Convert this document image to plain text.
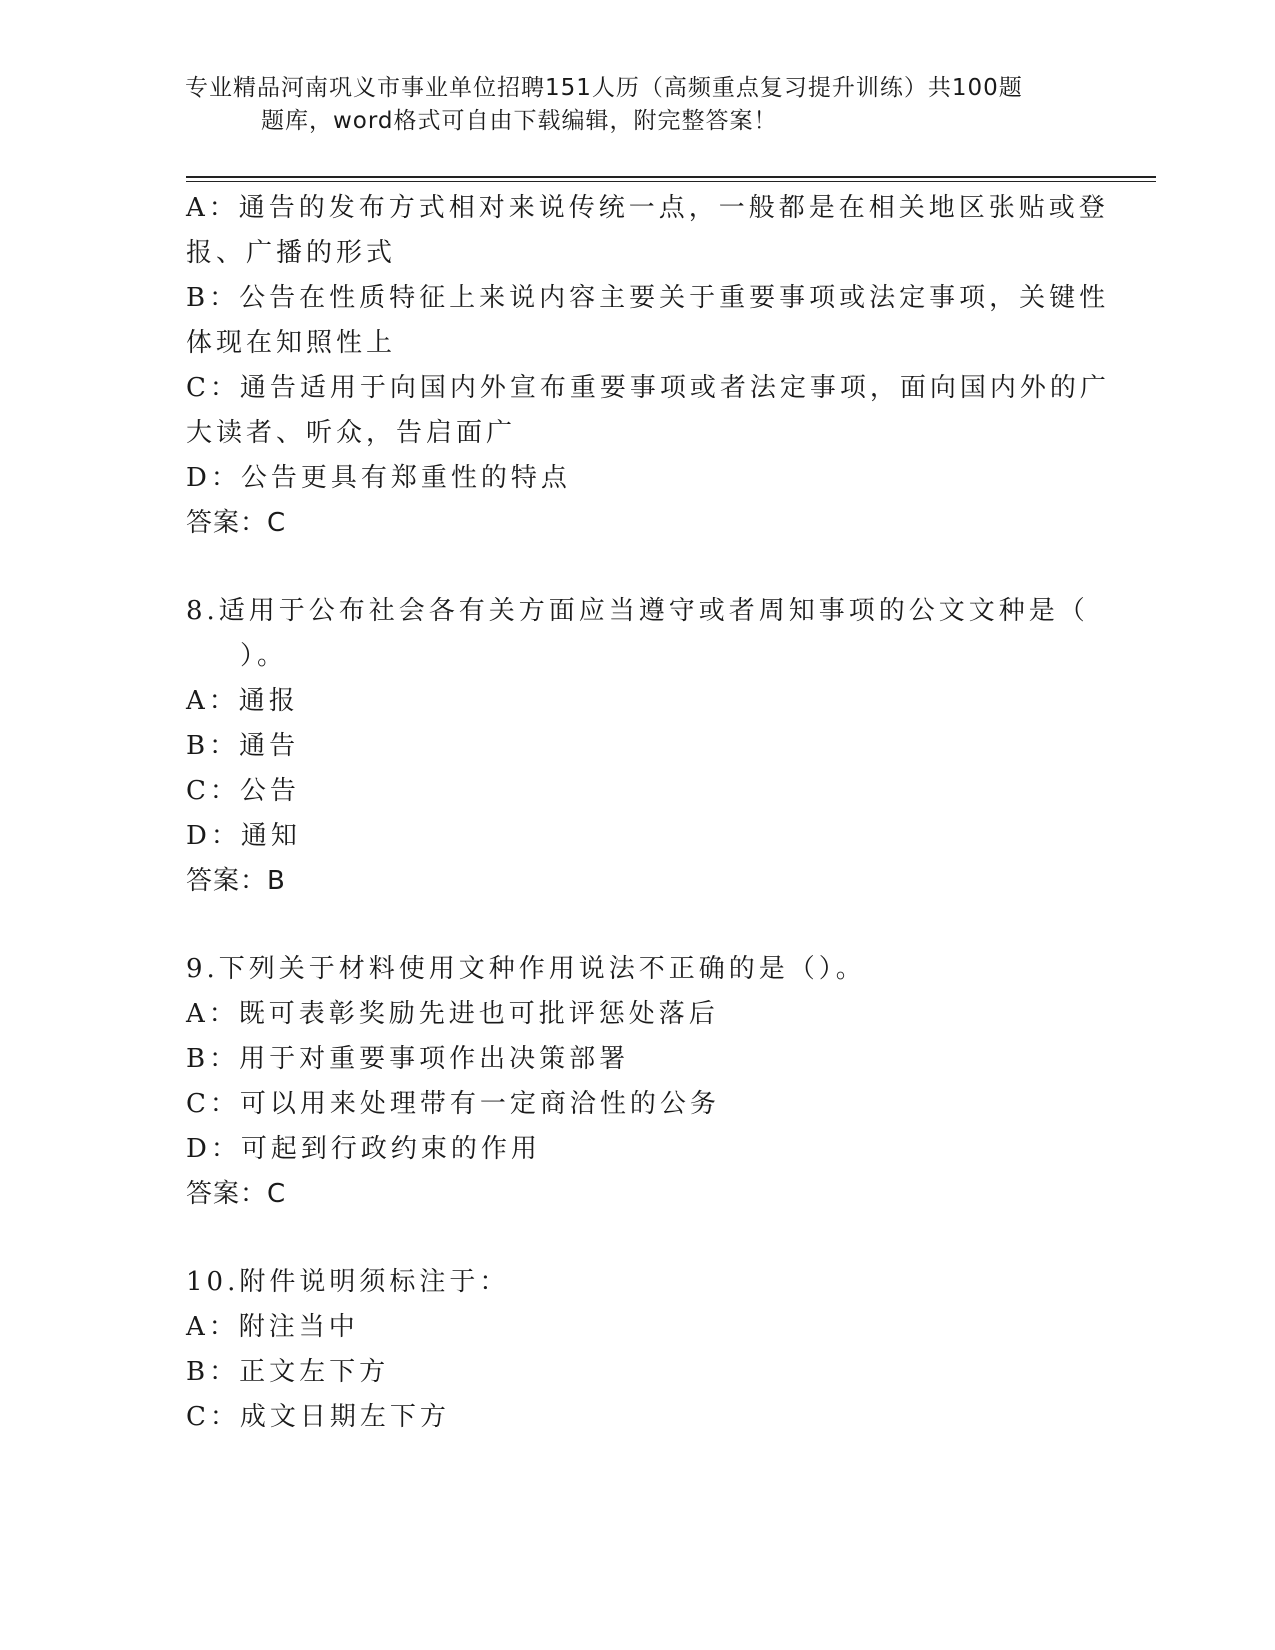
专业精品河南巩义市事业单位招聘151人历（高频重点复习提升训练）共100题
题库，word格式可自由下载编辑，附完整答案！
A：通告的发布方式相对来说传统一点，一般都是在相关地区张贴或登
报、广播的形式
B：公告在性质特征上来说内容主要关于重要事项或法定事项，关键性
体现在知照性上
C：通告适用于向国内外宣布重要事项或者法定事项，面向国内外的广
大读者、听众，告启面广
D：公告更具有郑重性的特点
答案：C
8.适用于公布社会各有关方面应当遵守或者周知事项的公文文种是（
）。
A：通报
B：通告
C：公告
D：通知
答案：B
9.下列关于材料使用文种作用说法不正确的是（）。
A：既可表彰奖励先进也可批评惩处落后
B：用于对重要事项作出决策部署
C：可以用来处理带有一定商洽性的公务
D：可起到行政约束的作用
答案：C
10.附件说明须标注于：
A：附注当中
B：正文左下方
C：成文日期左下方
